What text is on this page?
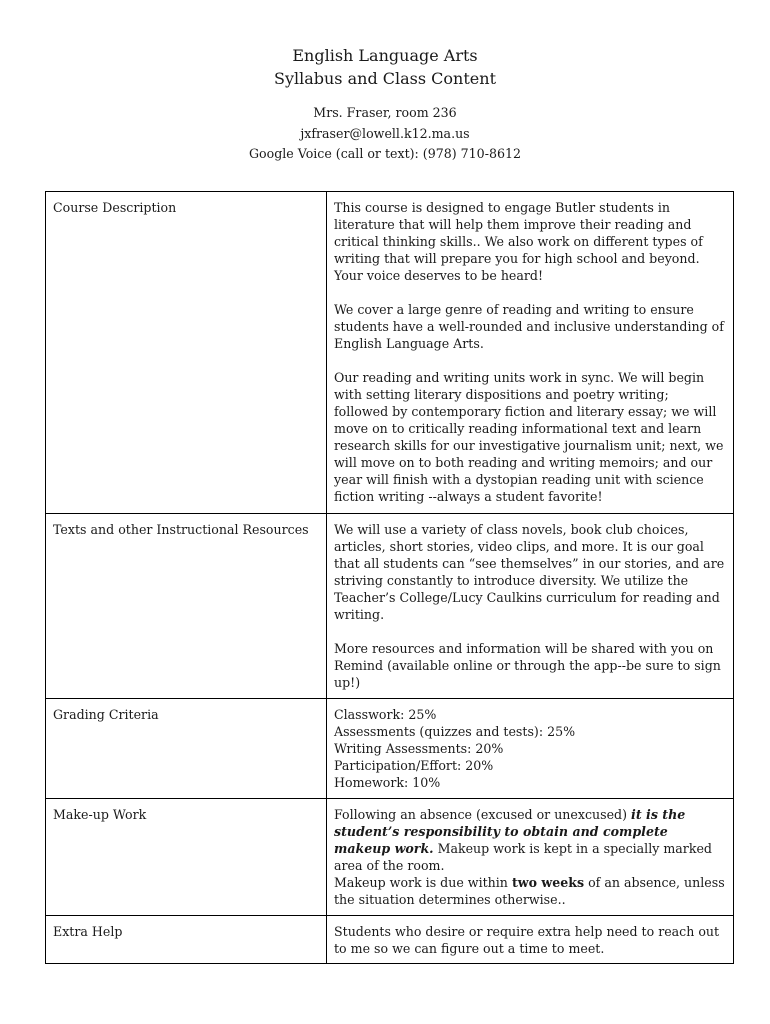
English Language Arts
Syllabus and Class Content
Mrs. Fraser, room 236
jxfraser@lowell.k12.ma.us
Google Voice (call or text): (978) 710-8612
Course Description	This course is designed to engage Butler students in literature that will help them improve their reading and critical thinking skills.. We also work on different types of writing that will prepare you for high school and beyond. Your voice deserves to be heard!

We cover a large genre of reading and writing to ensure students have a well-rounded and inclusive understanding of English Language Arts.

Our reading and writing units work in sync. We will begin with setting literary dispositions and poetry writing; followed by contemporary fiction and literary essay; we will move on to critically reading informational text and learn research skills for our investigative journalism unit; next, we will move on to both reading and writing memoirs; and our year will finish with a dystopian reading unit with science fiction writing --always a student favorite!

Texts and other Instructional Resources	We will use a variety of class novels, book club choices, articles, short stories, video clips, and more. It is our goal that all students can “see themselves” in our stories, and are striving constantly to introduce diversity. We utilize the Teacher’s College/Lucy Caulkins curriculum for reading and writing.

More resources and information will be shared with you on Remind (available online or through the app--be sure to sign up!)

Grading Criteria	Classwork: 25%
Assessments (quizzes and tests): 25%
Writing Assessments: 20%
Participation/Effort: 20%
Homework: 10%

Make-up Work	Following an absence (excused or unexcused) it is the student’s responsibility to obtain and complete makeup work. Makeup work is kept in a specially marked area of the room.
Makeup work is due within two weeks of an absence, unless the situation determines otherwise..

Extra Help	Students who desire or require extra help need to reach out to me so we can figure out a time to meet.
